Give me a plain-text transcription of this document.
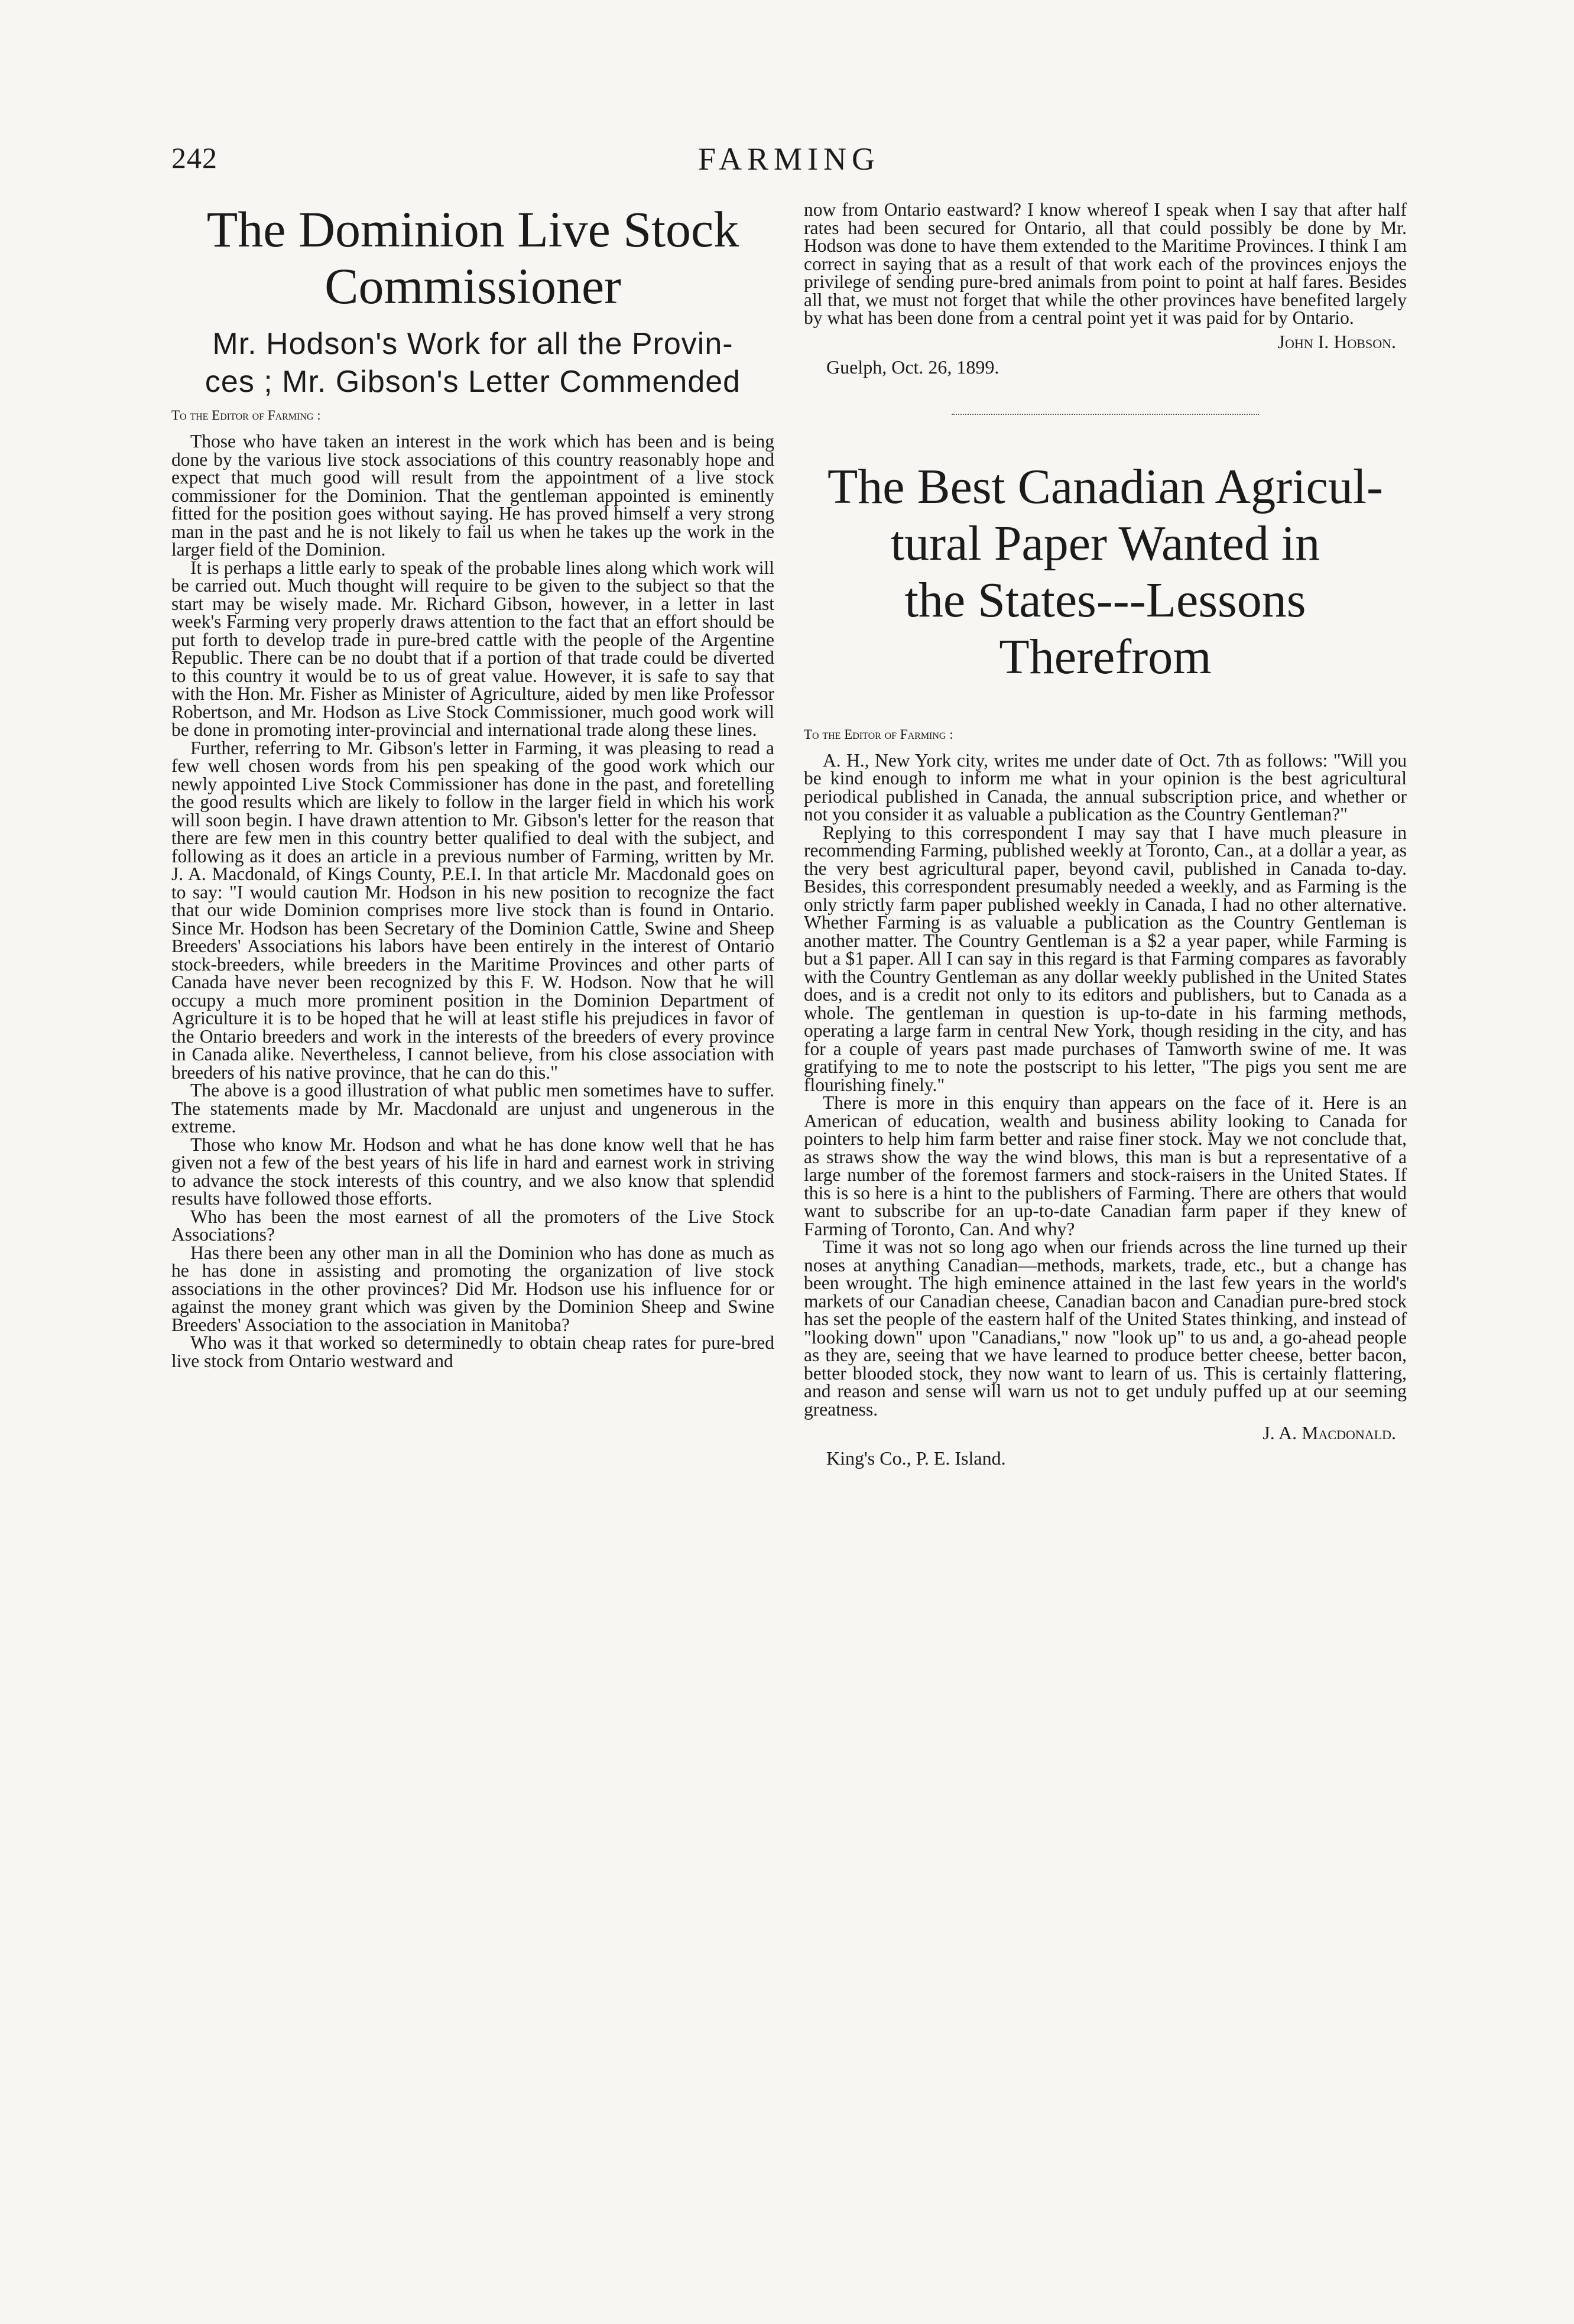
242	FARMING
The Dominion Live Stock
Commissioner
Mr. Hodson's Work for all the Provin-
ces ; Mr. Gibson's Letter Commended
To the Editor of Farming :

Those who have taken an interest in the work which has been and is being done by the various live stock associations of this country reasonably hope and expect that much good will result from the appointment of a live stock commissioner for the Dominion. That the gentleman appointed is eminently fitted for the position goes without saying. He has proved himself a very strong man in the past and he is not likely to fail us when he takes up the work in the larger field of the Dominion.

It is perhaps a little early to speak of the probable lines along which work will be carried out. Much thought will require to be given to the subject so that the start may be wisely made. Mr. Richard Gibson, however, in a letter in last week's Farming very properly draws attention to the fact that an effort should be put forth to develop trade in pure-bred cattle with the people of the Argentine Republic. There can be no doubt that if a portion of that trade could be diverted to this country it would be to us of great value. However, it is safe to say that with the Hon. Mr. Fisher as Minister of Agriculture, aided by men like Professor Robertson, and Mr. Hodson as Live Stock Commissioner, much good work will be done in promoting inter-provincial and international trade along these lines.

Further, referring to Mr. Gibson's letter in Farming, it was pleasing to read a few well chosen words from his pen speaking of the good work which our newly appointed Live Stock Commissioner has done in the past, and foretelling the good results which are likely to follow in the larger field in which his work will soon begin. I have drawn attention to Mr. Gibson's letter for the reason that there are few men in this country better qualified to deal with the subject, and following as it does an article in a previous number of Farming, written by Mr. J. A. Macdonald, of Kings County, P.E.I. In that article Mr. Macdonald goes on to say: "I would caution Mr. Hodson in his new position to recognize the fact that our wide Dominion comprises more live stock than is found in Ontario. Since Mr. Hodson has been Secretary of the Dominion Cattle, Swine and Sheep Breeders' Associations his labors have been entirely in the interest of Ontario stock-breeders, while breeders in the Maritime Provinces and other parts of Canada have never been recognized by this F. W. Hodson. Now that he will occupy a much more prominent position in the Dominion Department of Agriculture it is to be hoped that he will at least stifle his prejudices in favor of the Ontario breeders and work in the interests of the breeders of every province in Canada alike. Nevertheless, I cannot believe, from his close association with breeders of his native province, that he can do this."

The above is a good illustration of what public men sometimes have to suffer. The statements made by Mr. Macdonald are unjust and ungenerous in the extreme.

Those who know Mr. Hodson and what he has done know well that he has given not a few of the best years of his life in hard and earnest work in striving to advance the stock interests of this country, and we also know that splendid results have followed those efforts.

Who has been the most earnest of all the promoters of the Live Stock Associations?

Has there been any other man in all the Dominion who has done as much as he has done in assisting and promoting the organization of live stock associations in the other provinces? Did Mr. Hodson use his influence for or against the money grant which was given by the Dominion Sheep and Swine Breeders' Association to the association in Manitoba?

Who was it that worked so determinedly to obtain cheap rates for pure-bred live stock from Ontario westward and

now from Ontario eastward? I know whereof I speak when I say that after half rates had been secured for Ontario, all that could possibly be done by Mr. Hodson was done to have them extended to the Maritime Provinces. I think I am correct in saying that as a result of that work each of the provinces enjoys the privilege of sending pure-bred animals from point to point at half fares. Besides all that, we must not forget that while the other provinces have benefited largely by what has been done from a central point yet it was paid for by Ontario.

John I. Hobson.
Guelph, Oct. 26, 1899.
The Best Canadian Agricul-
tural Paper Wanted in
the States---Lessons
Therefrom
To the Editor of Farming :

A. H., New York city, writes me under date of Oct. 7th as follows: "Will you be kind enough to inform me what in your opinion is the best agricultural periodical published in Canada, the annual subscription price, and whether or not you consider it as valuable a publication as the Country Gentleman?"

Replying to this correspondent I may say that I have much pleasure in recommending Farming, published weekly at Toronto, Can., at a dollar a year, as the very best agricultural paper, beyond cavil, published in Canada to-day. Besides, this correspondent presumably needed a weekly, and as Farming is the only strictly farm paper published weekly in Canada, I had no other alternative. Whether Farming is as valuable a publication as the Country Gentleman is another matter. The Country Gentleman is a $2 a year paper, while Farming is but a $1 paper. All I can say in this regard is that Farming compares as favorably with the Country Gentleman as any dollar weekly published in the United States does, and is a credit not only to its editors and publishers, but to Canada as a whole. The gentleman in question is up-to-date in his farming methods, operating a large farm in central New York, though residing in the city, and has for a couple of years past made purchases of Tamworth swine of me. It was gratifying to me to note the postscript to his letter, "The pigs you sent me are flourishing finely."

There is more in this enquiry than appears on the face of it. Here is an American of education, wealth and business ability looking to Canada for pointers to help him farm better and raise finer stock. May we not conclude that, as straws show the way the wind blows, this man is but a representative of a large number of the foremost farmers and stock-raisers in the United States. If this is so here is a hint to the publishers of Farming. There are others that would want to subscribe for an up-to-date Canadian farm paper if they knew of Farming of Toronto, Can. And why?

Time it was not so long ago when our friends across the line turned up their noses at anything Canadian—methods, markets, trade, etc., but a change has been wrought. The high eminence attained in the last few years in the world's markets of our Canadian cheese, Canadian bacon and Canadian pure-bred stock has set the people of the eastern half of the United States thinking, and instead of "looking down" upon "Canadians," now "look up" to us and, a go-ahead people as they are, seeing that we have learned to produce better cheese, better bacon, better blooded stock, they now want to learn of us. This is certainly flattering, and reason and sense will warn us not to get unduly puffed up at our seeming greatness.

J. A. Macdonald.
King's Co., P. E. Island.
